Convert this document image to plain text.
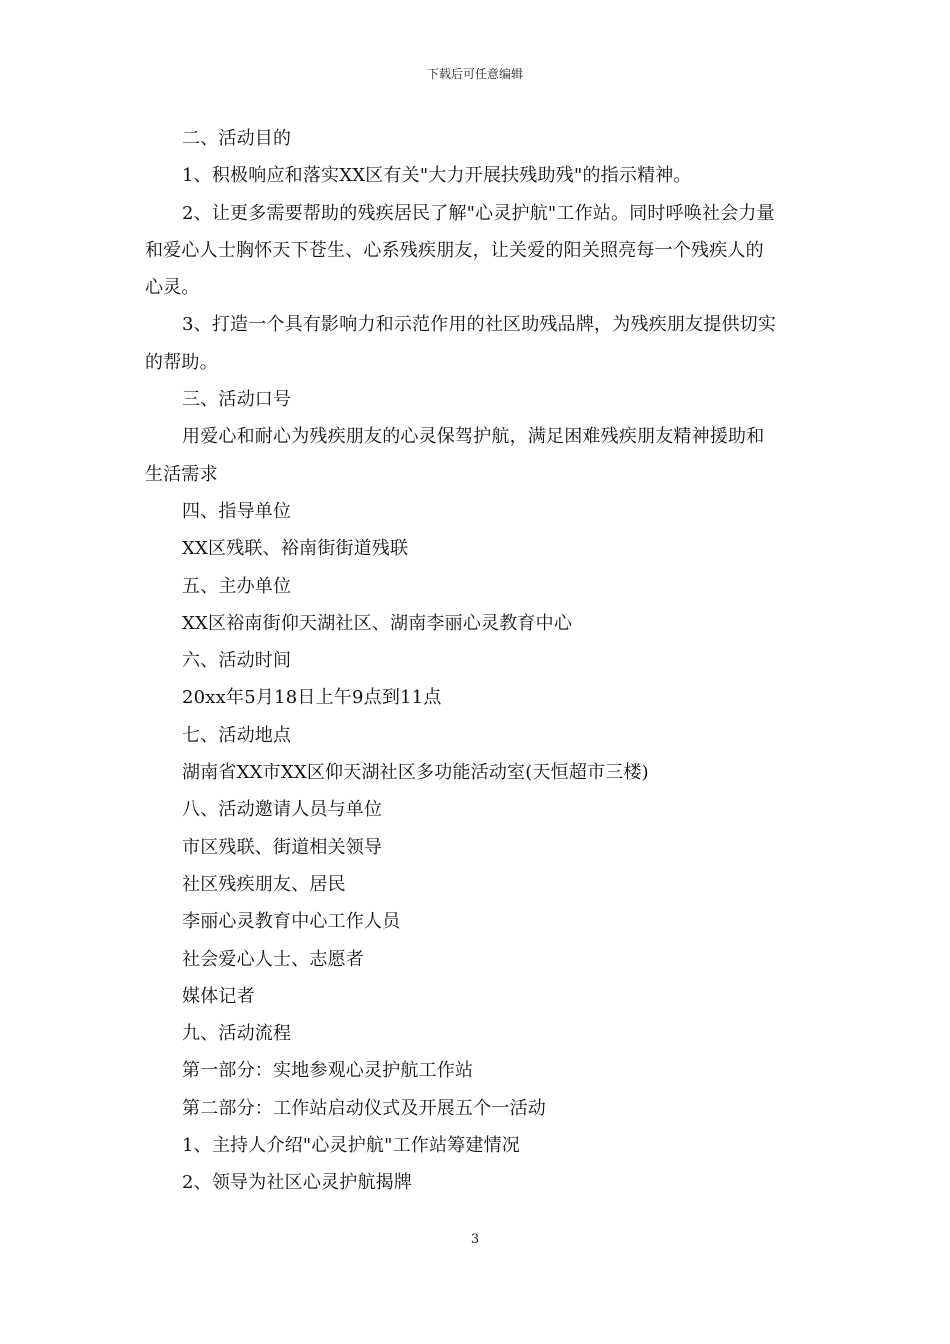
下载后可任意编辑
二、活动目的
1、积极响应和落实XX区有关"大力开展扶残助残"的指示精神。
2、让更多需要帮助的残疾居民了解"心灵护航"工作站。同时呼唤社会力量
和爱心人士胸怀天下苍生、心系残疾朋友，让关爱的阳关照亮每一个残疾人的
心灵。
3、打造一个具有影响力和示范作用的社区助残品牌，为残疾朋友提供切实
的帮助。
三、活动口号
用爱心和耐心为残疾朋友的心灵保驾护航，满足困难残疾朋友精神援助和
生活需求
四、指导单位
XX区残联、裕南街街道残联
五、主办单位
XX区裕南街仰天湖社区、湖南李丽心灵教育中心
六、活动时间
20xx年5月18日上午9点到11点
七、活动地点
湖南省XX市XX区仰天湖社区多功能活动室(天恒超市三楼)
八、活动邀请人员与单位
市区残联、街道相关领导
社区残疾朋友、居民
李丽心灵教育中心工作人员
社会爱心人士、志愿者
媒体记者
九、活动流程
第一部分：实地参观心灵护航工作站
第二部分：工作站启动仪式及开展五个一活动
1、主持人介绍"心灵护航"工作站筹建情况
2、领导为社区心灵护航揭牌
3
